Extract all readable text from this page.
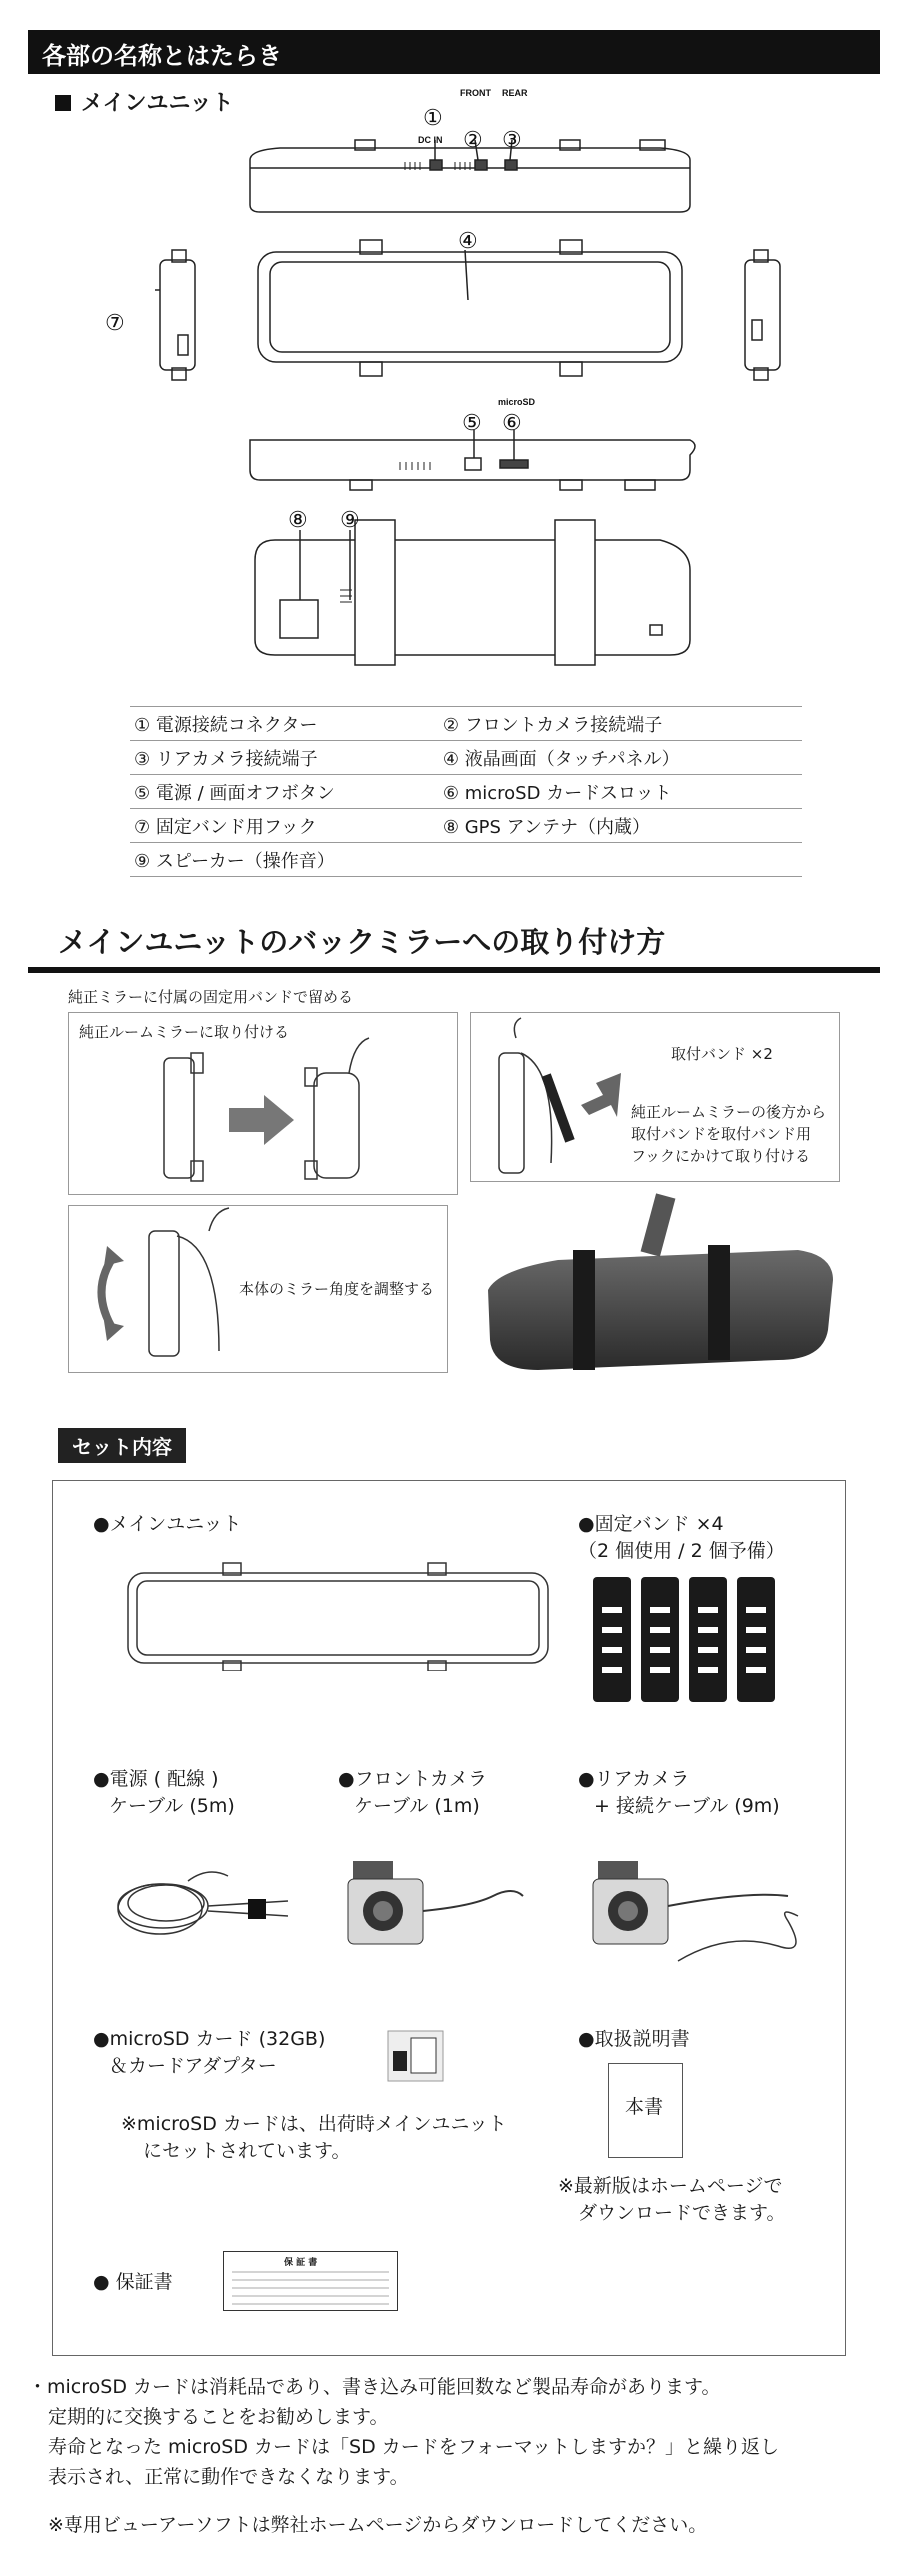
各部の名称とはたらき
メインユニット
①
② ③
④
⑤ ⑥
⑦
⑧ ⑨
DC IN
FRONT REAR
microSD
① 電源接続コネクター	② フロントカメラ接続端子
③ リアカメラ接続端子	④ 液晶画面（タッチパネル）
⑤ 電源 / 画面オフボタン	⑥ microSD カードスロット
⑦ 固定バンド用フック	⑧ GPS アンテナ（内蔵）
⑨ スピーカー（操作音）	
メインユニットのバックミラーへの取り付け方
純正ミラーに付属の固定用バンドで留める
純正ルームミラーに取り付ける
取付バンド ×2
純正ルームミラーの後方から
取付バンドを取付バンド用
フックにかけて取り付ける
本体のミラー角度を調整する
セット内容
●メインユニット	●固定バンド ×4
（2 個使用 / 2 個予備）
●電源 ( 配線 )
ケーブル (5m)
●フロントカメラ
ケーブル (1m)
●リアカメラ
+ 接続ケーブル (9m)
●microSD カード (32GB)
＆カードアダプター
※microSD カードは、出荷時メインユニット
にセットされています。
●取扱説明書
本書
※最新版はホームページで
ダウンロードできます。
● 保証書
保 証 書
・microSD カードは消耗品であり、書き込み可能回数など製品寿命があります。
定期的に交換することをお勧めします。
寿命となった microSD カードは「SD カードをフォーマットしますか？」と繰り返し
表示され、正常に動作できなくなります。
※専用ビューアーソフトは弊社ホームページからダウンロードしてください。
